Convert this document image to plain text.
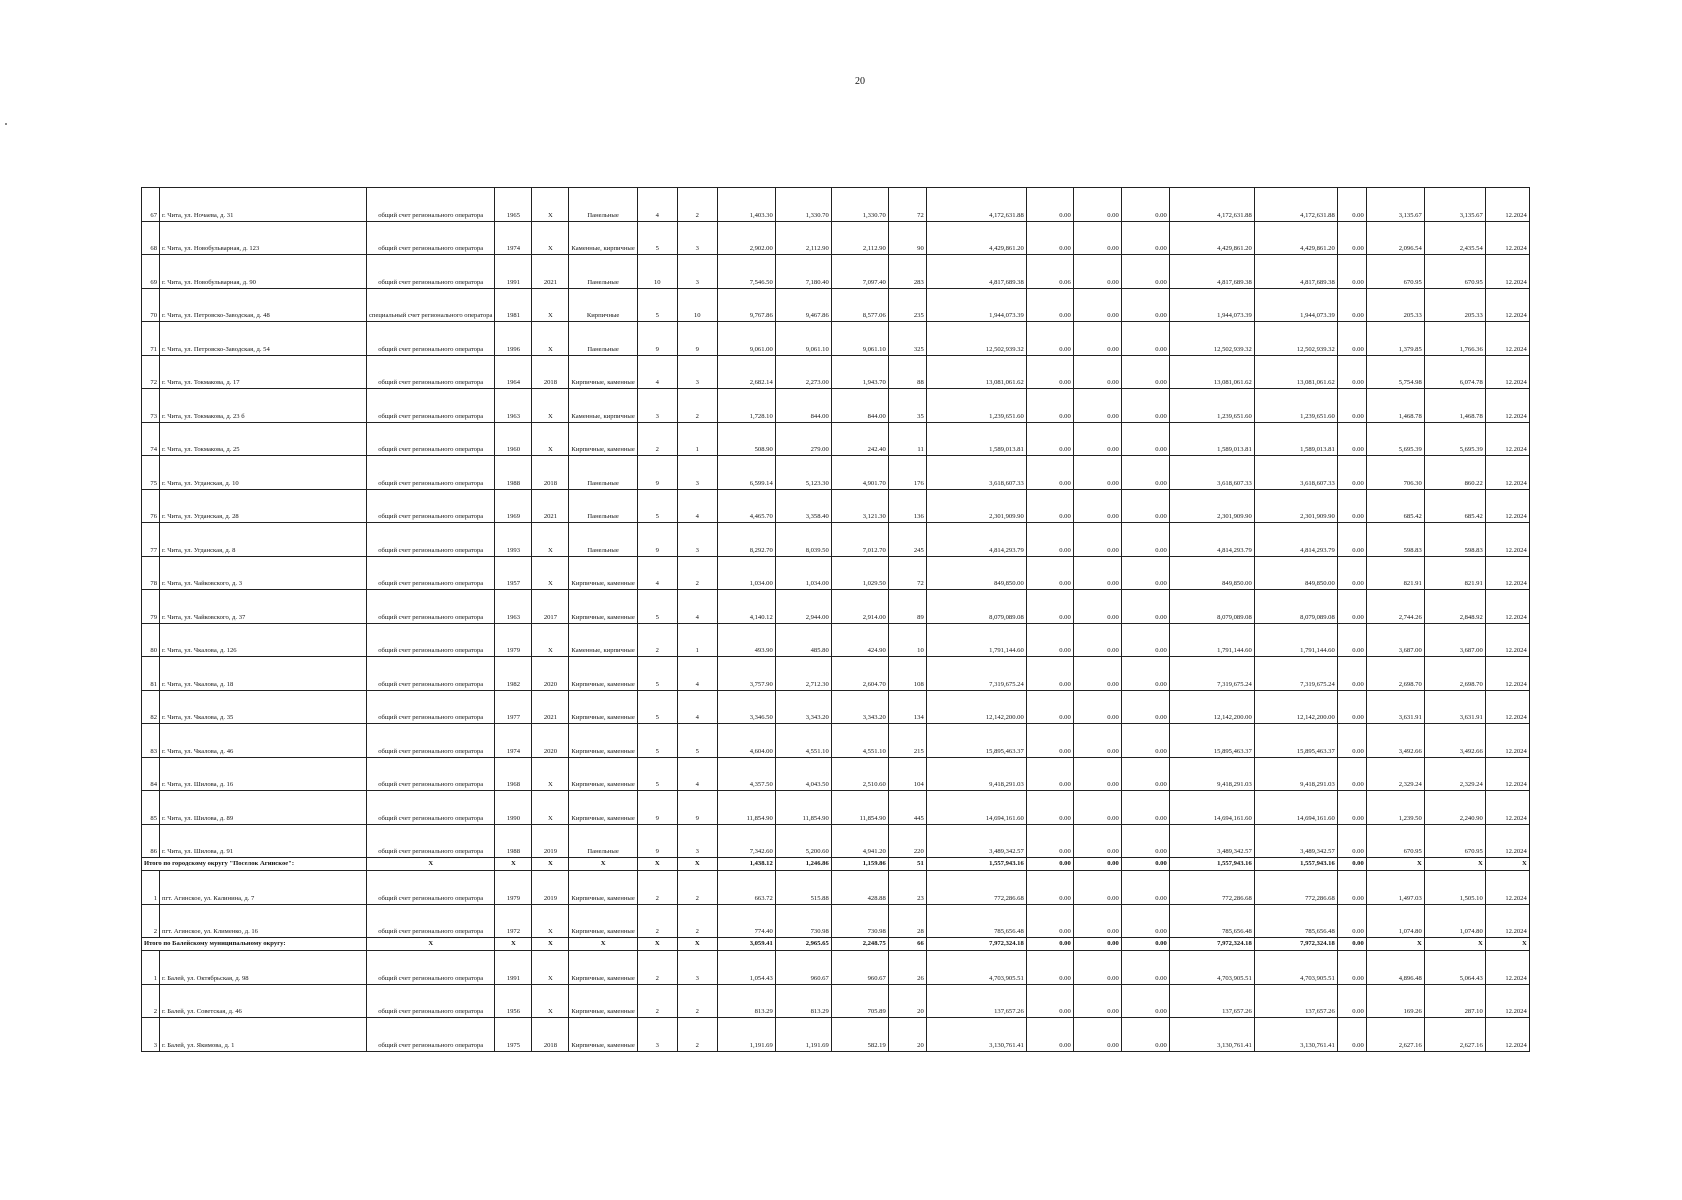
20
67	г. Чита, ул. Ночаева, д. 31	общий счет регионального оператора	1965	X	Панельные	4	2	1,403.30	1,330.70	1,330.70	72	4,172,631.88	0.00	0.00	0.00	4,172,631.88	4,172,631.88	0.00	3,135.67	3,135.67	12.2024
68	г. Чита, ул. Новобульварная, д. 123	общий счет регионального оператора	1974	X	Каменные, кирпичные	5	3	2,902.00	2,112.90	2,112.90	90	4,429,861.20	0.00	0.00	0.00	4,429,861.20	4,429,861.20	0.00	2,096.54	2,435.54	12.2024
69	г. Чита, ул. Новобульварная, д. 90	общий счет регионального оператора	1991	2021	Панельные	10	3	7,546.50	7,180.40	7,097.40	283	4,817,689.38	0.06	0.00	0.00	4,817,689.38	4,817,689.38	0.00	670.95	670.95	12.2024
70	г. Чита, ул. Петровско-Заводская, д. 48	специальный счет регионального оператора	1981	X	Кирпичные	5	10	9,767.86	9,467.86	8,577.06	235	1,944,073.39	0.00	0.00	0.00	1,944,073.39	1,944,073.39	0.00	205.33	205.33	12.2024
71	г. Чита, ул. Петровско-Заводская, д. 54	общий счет регионального оператора	1996	X	Панельные	9	9	9,061.00	9,061.10	9,061.10	325	12,502,939.32	0.00	0.00	0.00	12,502,939.32	12,502,939.32	0.00	1,379.85	1,766.36	12.2024
72	г. Чита, ул. Токмакова, д. 17	общий счет регионального оператора	1964	2018	Кирпичные, каменные	4	3	2,682.14	2,273.00	1,943.70	88	13,081,061.62	0.00	0.00	0.00	13,081,061.62	13,081,061.62	0.00	5,754.98	6,074.78	12.2024
73	г. Чита, ул. Токмакова, д. 23 б	общий счет регионального оператора	1963	X	Каменные, кирпичные	3	2	1,728.10	844.00	844.00	35	1,239,651.60	0.00	0.00	0.00	1,239,651.60	1,239,651.60	0.00	1,468.78	1,468.78	12.2024
74	г. Чита, ул. Токмакова, д. 25	общий счет регионального оператора	1960	X	Кирпичные, каменные	2	1	508.90	279.00	242.40	11	1,589,013.81	0.00	0.00	0.00	1,589,013.81	1,589,013.81	0.00	5,695.39	5,695.39	12.2024
75	г. Чита, ул. Угданская, д. 10	общий счет регионального оператора	1988	2018	Панельные	9	3	6,599.14	5,123.30	4,901.70	176	3,618,607.33	0.00	0.00	0.00	3,618,607.33	3,618,607.33	0.00	706.30	860.22	12.2024
76	г. Чита, ул. Угданская, д. 28	общий счет регионального оператора	1969	2021	Панельные	5	4	4,465.70	3,358.40	3,121.30	136	2,301,909.90	0.00	0.00	0.00	2,301,909.90	2,301,909.90	0.00	685.42	685.42	12.2024
77	г. Чита, ул. Угданская, д. 8	общий счет регионального оператора	1993	X	Панельные	9	3	8,292.70	8,039.50	7,012.70	245	4,814,293.79	0.00	0.00	0.00	4,814,293.79	4,814,293.79	0.00	598.83	598.83	12.2024
78	г. Чита, ул. Чайковского, д. 3	общий счет регионального оператора	1957	X	Кирпичные, каменные	4	2	1,034.00	1,034.00	1,029.50	72	849,850.00	0.00	0.00	0.00	849,850.00	849,850.00	0.00	821.91	821.91	12.2024
79	г. Чита, ул. Чайковского, д. 37	общий счет регионального оператора	1963	2017	Кирпичные, каменные	5	4	4,140.12	2,944.00	2,914.00	89	8,079,089.08	0.00	0.00	0.00	8,079,089.08	8,079,089.08	0.00	2,744.26	2,848.92	12.2024
80	г. Чита, ул. Чкалова, д. 126	общий счет регионального оператора	1979	X	Каменные, кирпичные	2	1	493.90	485.80	424.90	10	1,791,144.60	0.00	0.00	0.00	1,791,144.60	1,791,144.60	0.00	3,687.00	3,687.00	12.2024
81	г. Чита, ул. Чкалова, д. 18	общий счет регионального оператора	1982	2020	Кирпичные, каменные	5	4	3,757.90	2,712.30	2,604.70	108	7,319,675.24	0.00	0.00	0.00	7,319,675.24	7,319,675.24	0.00	2,698.70	2,698.70	12.2024
82	г. Чита, ул. Чкалова, д. 35	общий счет регионального оператора	1977	2021	Кирпичные, каменные	5	4	3,346.50	3,343.20	3,343.20	134	12,142,200.00	0.00	0.00	0.00	12,142,200.00	12,142,200.00	0.00	3,631.91	3,631.91	12.2024
83	г. Чита, ул. Чкалова, д. 46	общий счет регионального оператора	1974	2020	Кирпичные, каменные	5	5	4,604.00	4,551.10	4,551.10	215	15,895,463.37	0.00	0.00	0.00	15,895,463.37	15,895,463.37	0.00	3,492.66	3,492.66	12.2024
84	г. Чита, ул. Шилова, д. 16	общий счет регионального оператора	1968	X	Кирпичные, каменные	5	4	4,357.50	4,043.50	2,510.60	104	9,418,291.03	0.00	0.00	0.00	9,418,291.03	9,418,291.03	0.00	2,329.24	2,329.24	12.2024
85	г. Чита, ул. Шилова, д. 89	общий счет регионального оператора	1990	X	Кирпичные, каменные	9	9	11,854.90	11,854.90	11,854.90	445	14,694,161.60	0.00	0.00	0.00	14,694,161.60	14,694,161.60	0.00	1,239.50	2,240.90	12.2024
86	г. Чита, ул. Шилова, д. 91	общий счет регионального оператора	1988	2019	Панельные	9	3	7,342.60	5,200.60	4,941.20	220	3,489,342.57	0.00	0.00	0.00	3,489,342.57	3,489,342.57	0.00	670.95	670.95	12.2024
Итого по городскому округу "Поселок Агинское":		X	X	X	X	X	X	1,438.12	1,246.86	1,159.86	51	1,557,943.16	0.00	0.00	0.00	1,557,943.16	1,557,943.16	0.00	X	X	X
1	пгт. Агинское, ул. Калинина, д. 7	общий счет регионального оператора	1979	2019	Кирпичные, каменные	2	2	663.72	515.88	428.88	23	772,286.68	0.00	0.00	0.00	772,286.68	772,286.68	0.00	1,497.03	1,505.10	12.2024
2	пгт. Агинское, ул. Клименко, д. 16	общий счет регионального оператора	1972	X	Кирпичные, каменные	2	2	774.40	730.98	730.98	28	785,656.48	0.00	0.00	0.00	785,656.48	785,656.48	0.00	1,074.80	1,074.80	12.2024
Итого по Балейскому муниципальному округу:		X	X	X	X	X	X	3,059.41	2,965.65	2,248.75	66	7,972,324.18	0.00	0.00	0.00	7,972,324.18	7,972,324.18	0.00	X	X	X
1	г. Балей, ул. Октябрьская, д. 98	общий счет регионального оператора	1991	X	Кирпичные, каменные	2	3	1,054.43	960.67	960.67	26	4,703,905.51	0.00	0.00	0.00	4,703,905.51	4,703,905.51	0.00	4,896.48	5,064.43	12.2024
2	г. Балей, ул. Советская, д. 46	общий счет регионального оператора	1956	X	Кирпичные, каменные	2	2	813.29	813.29	705.89	20	137,657.26	0.00	0.00	0.00	137,657.26	137,657.26	0.00	169.26	287.10	12.2024
3	г. Балей, ул. Якимова, д. 1	общий счет регионального оператора	1975	2018	Кирпичные, каменные	3	2	1,191.69	1,191.69	582.19	20	3,130,761.41	0.00	0.00	0.00	3,130,761.41	3,130,761.41	0.00	2,627.16	2,627.16	12.2024
